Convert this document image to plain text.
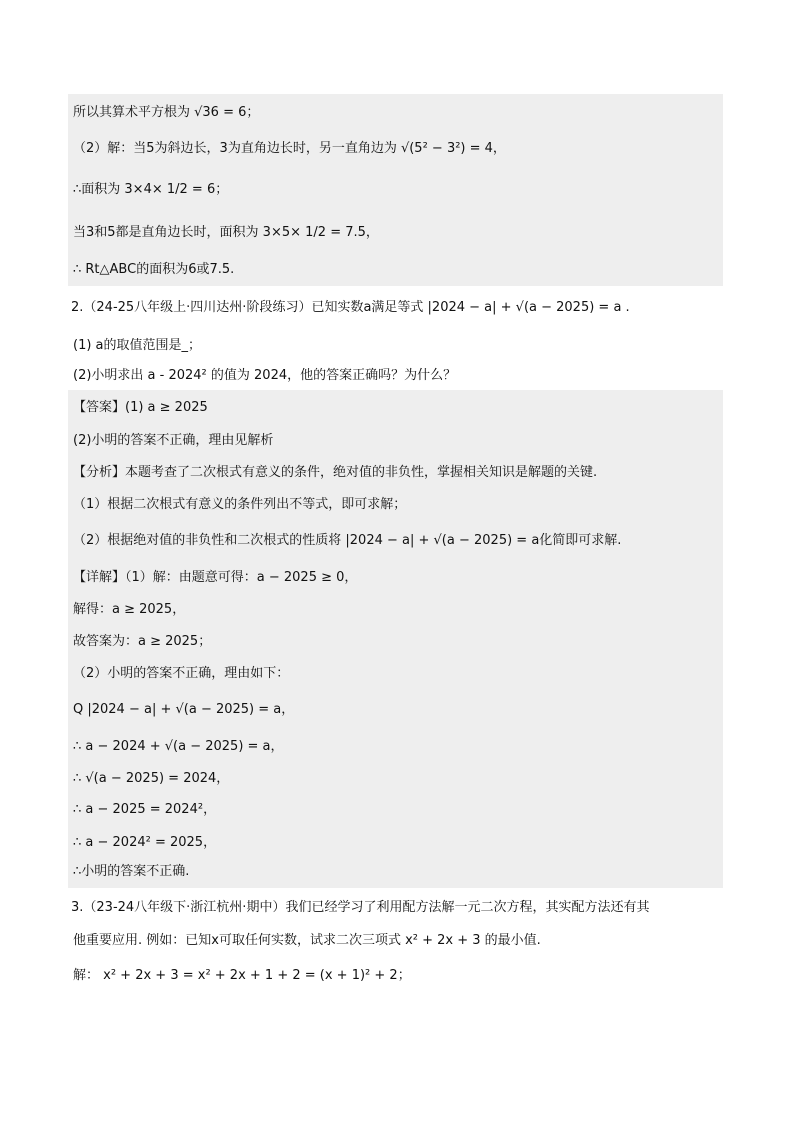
所以其算术平方根为 √36 = 6；
（2）解：当5为斜边长，3为直角边长时，另一直角边为 √(5² − 3²) = 4，
∴面积为 3×4× 1/2 = 6；
当3和5都是直角边长时，面积为 3×5× 1/2 = 7.5，
∴ Rt△ABC的面积为6或7.5.
2.（24-25八年级上·四川达州·阶段练习）已知实数a满足等式 |2024 − a| + √(a − 2025) = a .
(1) a的取值范围是_；
(2)小明求出 a - 2024² 的值为 2024，他的答案正确吗？为什么？
【答案】(1) a ≥ 2025
(2)小明的答案不正确，理由见解析
【分析】本题考查了二次根式有意义的条件，绝对值的非负性，掌握相关知识是解题的关键.
（1）根据二次根式有意义的条件列出不等式，即可求解；
（2）根据绝对值的非负性和二次根式的性质将 |2024 − a| + √(a − 2025) = a化简即可求解.
【详解】（1）解：由题意可得：a − 2025 ≥ 0，
解得：a ≥ 2025，
故答案为：a ≥ 2025；
（2）小明的答案不正确，理由如下：
Q |2024 − a| + √(a − 2025) = a，
∴ a − 2024 + √(a − 2025) = a，
∴ √(a − 2025) = 2024，
∴ a − 2025 = 2024²，
∴ a − 2024² = 2025，
∴小明的答案不正确.
3.（23-24八年级下·浙江杭州·期中）我们已经学习了利用配方法解一元二次方程，其实配方法还有其
他重要应用. 例如：已知x可取任何实数，试求二次三项式 x² + 2x + 3 的最小值.
解： x² + 2x + 3 = x² + 2x + 1 + 2 = (x + 1)² + 2；
